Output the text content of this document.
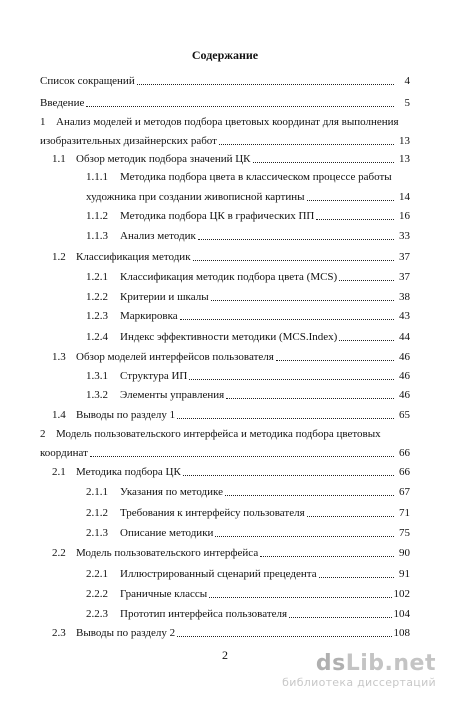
Содержание
Список сокращений	4
Введение	5
1 Анализ моделей и методов подбора цветовых координат для выполнения
изобразительных дизайнерских работ	13
1.1 Обзор методик подбора значений ЦК	13
1.1.1	Методика подбора цвета в классическом процессе работы
художника при создании живописной картины	14
1.1.2	Методика подбора ЦК в графических ПП	16
1.1.3	Анализ методик	33
1.2 Классификация методик	37
1.2.1	Классификация методик подбора цвета (MCS)	37
1.2.2	Критерии и шкалы	38
1.2.3	Маркировка	43
1.2.4	Индекс эффективности методики (MCS.Index)	44
1.3 Обзор моделей интерфейсов пользователя	46
1.3.1	Структура ИП	46
1.3.2	Элементы управления	46
1.4 Выводы по разделу 1	65
2 Модель пользовательского интерфейса и методика подбора цветовых
координат	66
2.1 Методика подбора ЦК	66
2.1.1	Указания по методике	67
2.1.2	Требования к интерфейсу пользователя	71
2.1.3	Описание методики	75
2.2 Модель пользовательского интерфейса	90
2.2.1	Иллюстрированный сценарий прецедента	91
2.2.2	Граничные классы	102
2.2.3	Прототип интерфейса пользователя	104
2.3 Выводы по разделу 2	108
2	dsLib.net
библиотека диссертаций
